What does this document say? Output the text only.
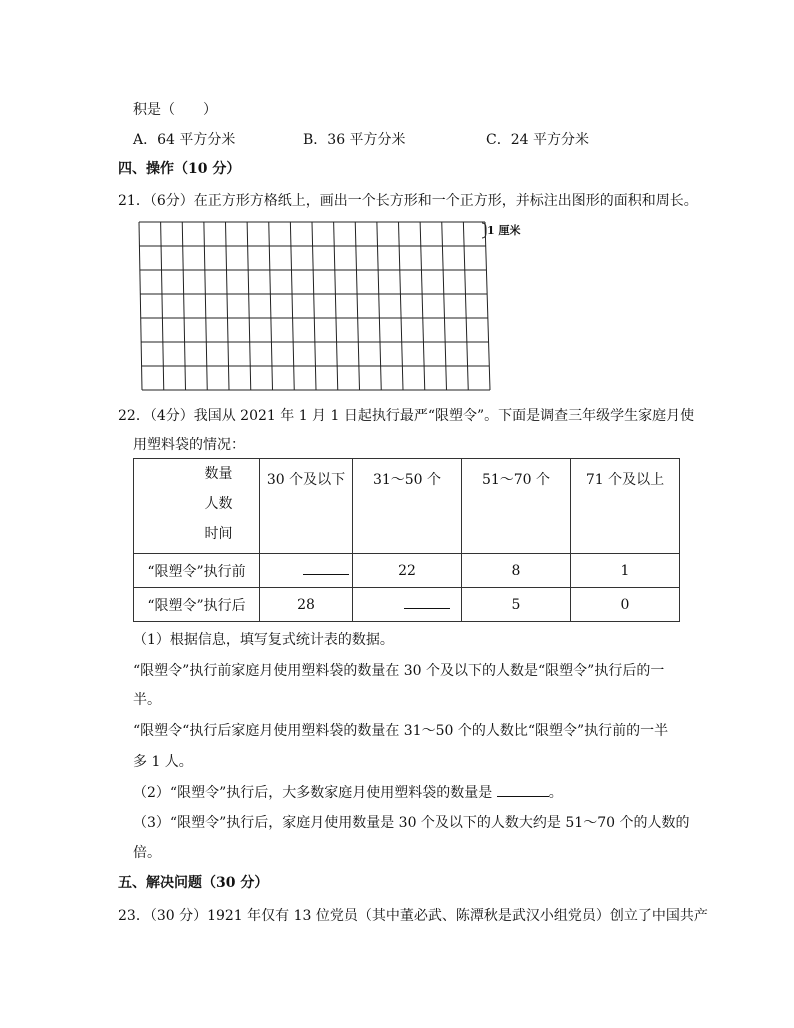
积是（　　）
A．64 平方分米	B．36 平方分米	C．24 平方分米
四、操作（10 分）
21．（6分）在正方形方格纸上，画出一个长方形和一个正方形，并标注出图形的面积和周长。
1 厘米
22．（4分）我国从 2021 年 1 月 1 日起执行最严“限塑令”。下面是调查三年级学生家庭月使
用塑料袋的情况：
数量
人数
时间	30 个及以下	31～50 个	51～70 个	71 个及以上

“限塑令”执行前		22	8	1
“限塑令”执行后	28		5	0
（1）根据信息，填写复式统计表的数据。
“限塑令”执行前家庭月使用塑料袋的数量在 30 个及以下的人数是“限塑令”执行后的一
半。
“限塑令“执行后家庭月使用塑料袋的数量在 31～50 个的人数比“限塑令”执行前的一半
多 1 人。
（2）“限塑令”执行后，大多数家庭月使用塑料袋的数量是	。
（3）“限塑令”执行后，家庭月使用数量是 30 个及以下的人数大约是 51～70 个的人数的
倍。
五、解决问题（30 分）
23．（30 分）1921 年仅有 13 位党员（其中董必武、陈潭秋是武汉小组党员）创立了中国共产
